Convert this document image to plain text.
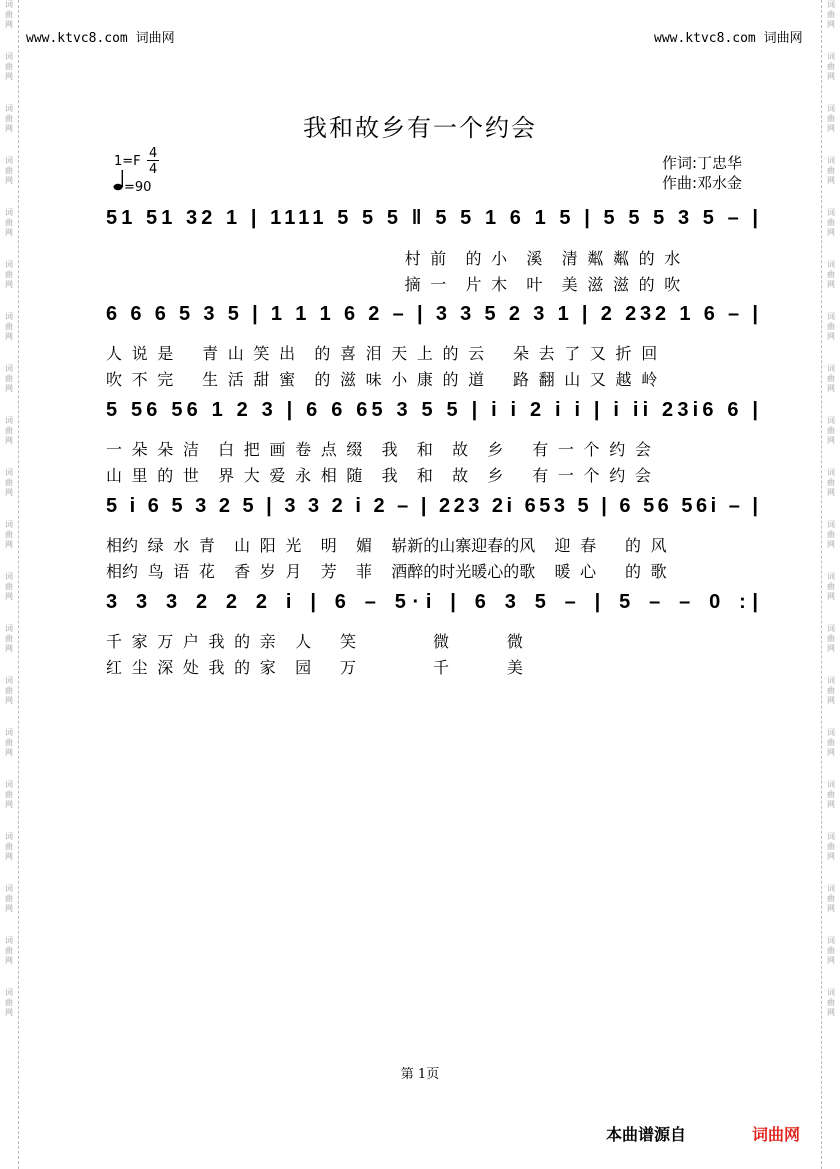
词
曲
网
词
曲
网
词
曲
网
词
曲
网
词
曲
网
词
曲
网
词
曲
网
词
曲
网
词
曲
网
词
曲
网
词
曲
网
词
曲
网
词
曲
网
词
曲
网
词
曲
网
词
曲
网
词
曲
网
词
曲
网
词
曲
网
词
曲
网
词
曲
网
词
曲
网
词
曲
网
词
曲
网
词
曲
网
词
曲
网
词
曲
网
词
曲
网
词
曲
网
词
曲
网
词
曲
网
词
曲
网
词
曲
网
词
曲
网
词
曲
网
词
曲
网
词
曲
网
词
曲
网
词
曲
网
词
曲
网
www.ktvc8.com 词曲网	www.ktvc8.com 词曲网
我和故乡有一个约会
1=F
4
4
=90
作词:丁忠华
作曲:邓水金
51 51 32 1 | 1111 5 5 5 ‖ 5 5 1 6 1 5 | 5 5 5 3 5 – |
村 前  的 小  溪  清 粼 粼 的 水
摘 一  片 木  叶  美 滋 滋 的 吹
6 6 6 5 3 5 | 1 1 1 6 2 – | 3 3 5 2 3 1 | 2 232 1 6 – |
人 说 是   青 山 笑 出  的 喜 泪 天 上 的 云   朵 去 了 又 折 回
吹 不 完   生 活 甜 蜜  的 滋 味 小 康 的 道   路 翻 山 又 越 岭
5 56 56 1 2 3 | 6 6 65 3 5 5 | i i 2 i i | i ii 23i6 6 |
一 朵 朵 洁  白 把 画 卷 点 缀  我  和  故  乡   有 一 个 约 会
山 里 的 世  界 大 爱 永 相 随  我  和  故  乡   有 一 个 约 会
5 i 6 5 3 2 5 | 3 3 2 i 2 – | 223 2i 653 5 | 6 56 56i – |
相约 绿 水 青  山 阳 光  明  媚  崭新的山寨迎春的风  迎 春   的 风
相约 鸟 语 花  香 岁 月  芳  菲  酒醉的时光暖心的歌  暖 心   的 歌
3 3 3 2 2 2 i | 6 – 5·i | 6 3 5 – | 5 – – 0 :|
千 家 万 户 我 的 亲  人   笑        微      微
红 尘 深 处 我 的 家  园   万        千      美
第 1页
本曲谱源自	词曲网
